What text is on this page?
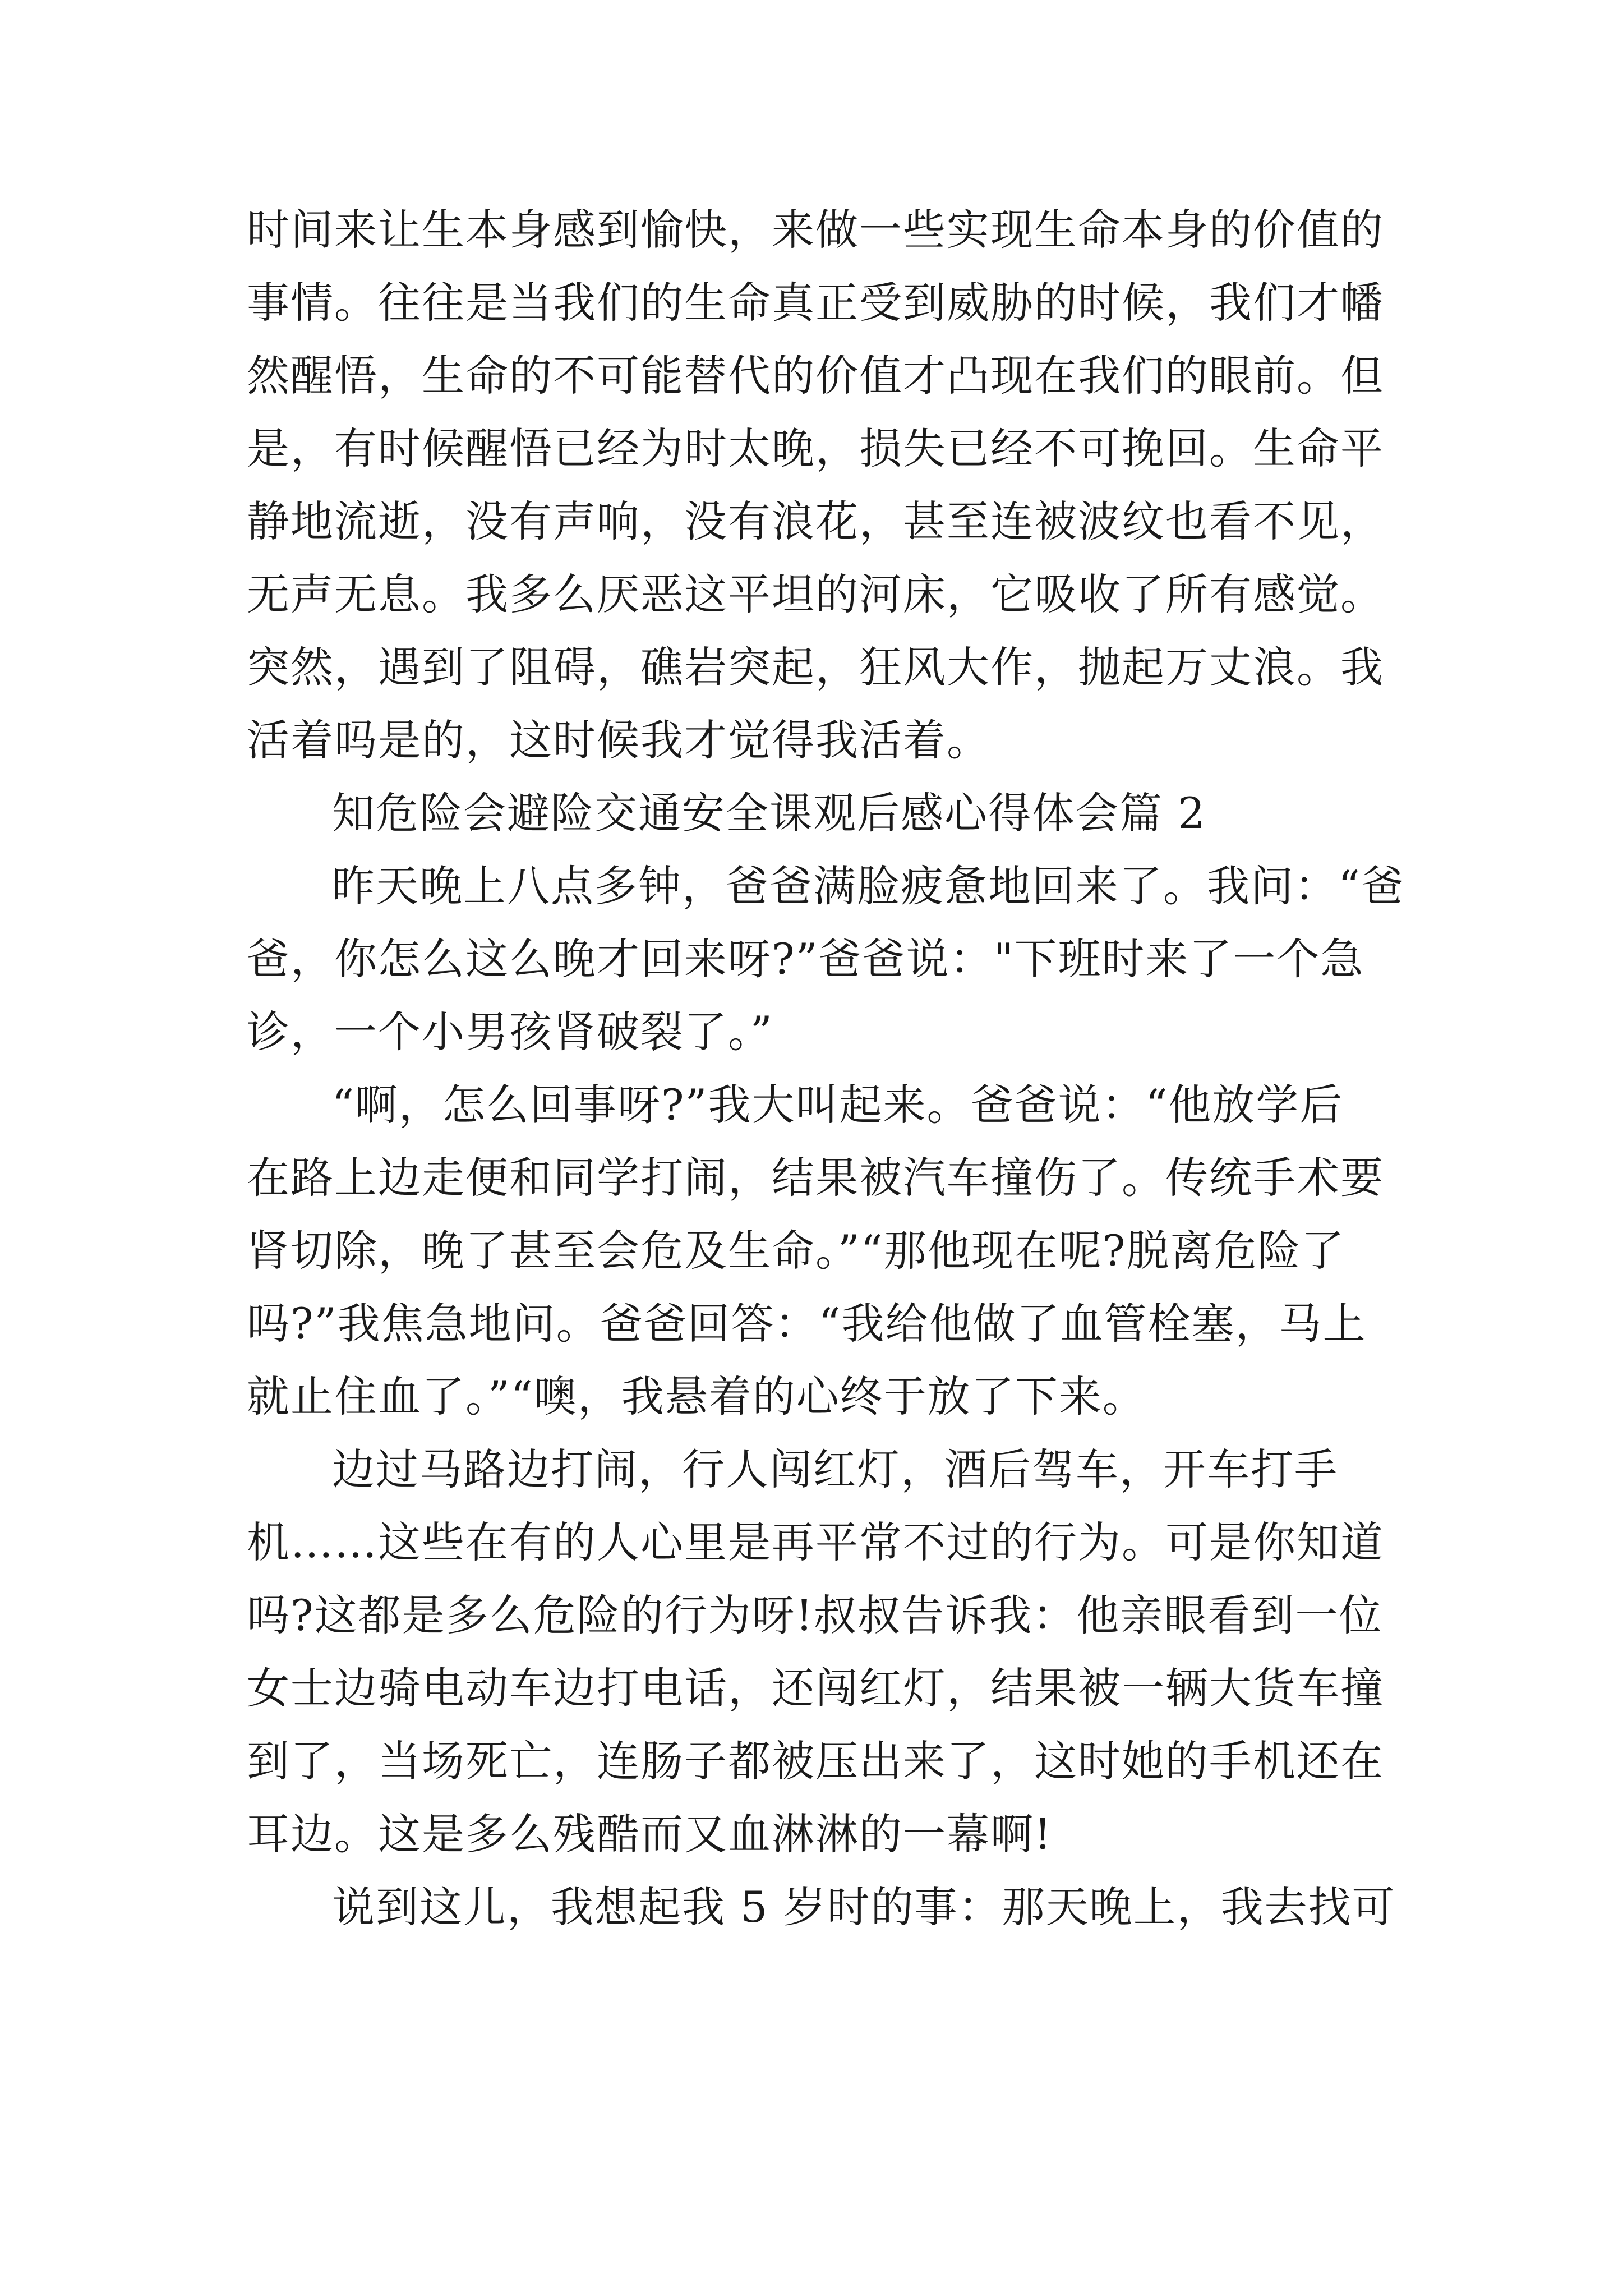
时间来让生本身感到愉快，来做一些实现生命本身的价值的
事情。往往是当我们的生命真正受到威胁的时候，我们才幡
然醒悟，生命的不可能替代的价值才凸现在我们的眼前。但
是，有时候醒悟已经为时太晚，损失已经不可挽回。生命平
静地流逝，没有声响，没有浪花，甚至连被波纹也看不见，
无声无息。我多么厌恶这平坦的河床，它吸收了所有感觉。
突然，遇到了阻碍，礁岩突起，狂风大作，抛起万丈浪。我
活着吗是的，这时候我才觉得我活着。
知危险会避险交通安全课观后感心得体会篇 2
昨天晚上八点多钟，爸爸满脸疲惫地回来了。我问：“爸
爸，你怎么这么晚才回来呀?”爸爸说："下班时来了一个急
诊，一个小男孩肾破裂了。”
“啊，怎么回事呀?”我大叫起来。爸爸说：“他放学后
在路上边走便和同学打闹，结果被汽车撞伤了。传统手术要
肾切除，晚了甚至会危及生命。”“那他现在呢?脱离危险了
吗?”我焦急地问。爸爸回答：“我给他做了血管栓塞，马上
就止住血了。”“噢，我悬着的心终于放了下来。
边过马路边打闹，行人闯红灯，酒后驾车，开车打手
机……这些在有的人心里是再平常不过的行为。可是你知道
吗?这都是多么危险的行为呀!叔叔告诉我：他亲眼看到一位
女士边骑电动车边打电话，还闯红灯，结果被一辆大货车撞
到了，当场死亡，连肠子都被压出来了，这时她的手机还在
耳边。这是多么残酷而又血淋淋的一幕啊!
说到这儿，我想起我 5 岁时的事：那天晚上，我去找可
